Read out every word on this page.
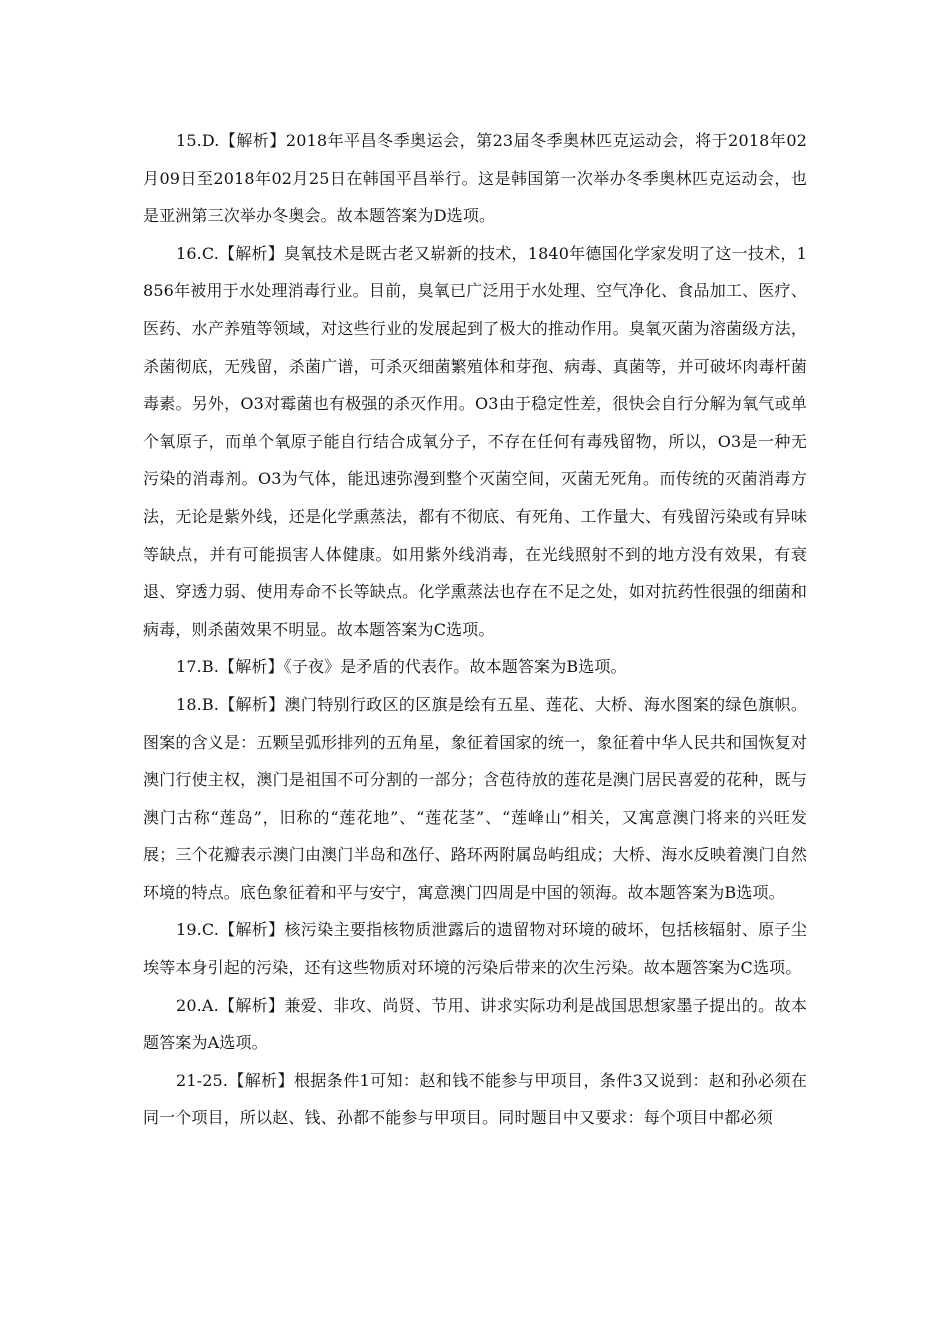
15.D.【解析】2018年平昌冬季奥运会，第23届冬季奥林匹克运动会，将于2018年02月09日至2018年02月25日在韩国平昌举行。这是韩国第一次举办冬季奥林匹克运动会，也是亚洲第三次举办冬奥会。故本题答案为D选项。

16.C.【解析】臭氧技术是既古老又崭新的技术，1840年德国化学家发明了这一技术，1856年被用于水处理消毒行业。目前，臭氧已广泛用于水处理、空气净化、食品加工、医疗、医药、水产养殖等领域，对这些行业的发展起到了极大的推动作用。臭氧灭菌为溶菌级方法，杀菌彻底，无残留，杀菌广谱，可杀灭细菌繁殖体和芽孢、病毒、真菌等，并可破坏肉毒杆菌毒素。另外，O3对霉菌也有极强的杀灭作用。O3由于稳定性差，很快会自行分解为氧气或单个氧原子，而单个氧原子能自行结合成氧分子，不存在任何有毒残留物，所以，O3是一种无污染的消毒剂。O3为气体，能迅速弥漫到整个灭菌空间，灭菌无死角。而传统的灭菌消毒方法，无论是紫外线，还是化学熏蒸法，都有不彻底、有死角、工作量大、有残留污染或有异味等缺点，并有可能损害人体健康。如用紫外线消毒，在光线照射不到的地方没有效果，有衰退、穿透力弱、使用寿命不长等缺点。化学熏蒸法也存在不足之处，如对抗药性很强的细菌和病毒，则杀菌效果不明显。故本题答案为C选项。

17.B.【解析】《子夜》是矛盾的代表作。故本题答案为B选项。

18.B.【解析】澳门特别行政区的区旗是绘有五星、莲花、大桥、海水图案的绿色旗帜。图案的含义是：五颗呈弧形排列的五角星，象征着国家的统一，象征着中华人民共和国恢复对澳门行使主权，澳门是祖国不可分割的一部分；含苞待放的莲花是澳门居民喜爱的花种，既与澳门古称“莲岛”，旧称的“莲花地”、“莲花茎”、“莲峰山”相关，又寓意澳门将来的兴旺发展；三个花瓣表示澳门由澳门半岛和氹仔、路环两附属岛屿组成；大桥、海水反映着澳门自然环境的特点。底色象征着和平与安宁，寓意澳门四周是中国的领海。故本题答案为B选项。

19.C.【解析】核污染主要指核物质泄露后的遗留物对环境的破坏，包括核辐射、原子尘埃等本身引起的污染，还有这些物质对环境的污染后带来的次生污染。故本题答案为C选项。

20.A.【解析】兼爱、非攻、尚贤、节用、讲求实际功利是战国思想家墨子提出的。故本题答案为A选项。

21-25.【解析】根据条件1可知：赵和钱不能参与甲项目，条件3又说到：赵和孙必须在同一个项目，所以赵、钱、孙都不能参与甲项目。同时题目中又要求：每个项目中都必须
